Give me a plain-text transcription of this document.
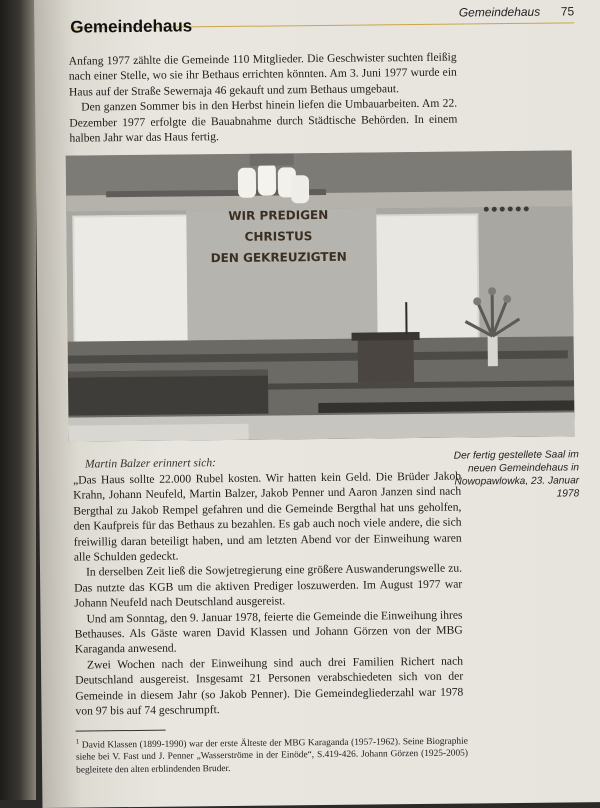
Gemeindehaus 75
Gemeindehaus

Anfang 1977 zählte die Gemeinde 110 Mitglieder. Die Geschwister suchten fleißig nach einer Stelle, wo sie ihr Bethaus errichten könnten. Am 3. Juni 1977 wurde ein Haus auf der Straße Sewernaja 46 gekauft und zum Bethaus umgebaut.

Den ganzen Sommer bis in den Herbst hinein liefen die Umbauarbeiten. Am 22. Dezember 1977 erfolgte die Bauabnahme durch Städtische Behörden. In einem halben Jahr war das Haus fertig.

WIR PREDIGEN
CHRISTUS
DEN GEKREUZIGTEN
Der fertig gestellete Saal im neuen Gemeindehaus in Nowopawlowka, 23. Januar 1978
Martin Balzer erinnert sich:

„Das Haus sollte 22.000 Rubel kosten. Wir hatten kein Geld. Die Brüder Jakob Krahn, Johann Neufeld, Martin Balzer, Jakob Penner und Aaron Janzen sind nach Bergthal zu Jakob Rempel gefahren und die Gemeinde Bergthal hat uns geholfen, den Kaufpreis für das Bethaus zu bezahlen. Es gab auch noch viele andere, die sich freiwillig daran beteiligt haben, und am letzten Abend vor der Einweihung waren alle Schulden gedeckt.

In derselben Zeit ließ die Sowjetregierung eine größere Auswanderungswelle zu. Das nutzte das KGB um die aktiven Prediger loszuwerden. Im August 1977 war Johann Neufeld nach Deutschland ausgereist.

Und am Sonntag, den 9. Januar 1978, feierte die Gemeinde die Einweihung ihres Bethauses. Als Gäste waren David Klassen und Johann Görzen von der MBG Karaganda anwesend.

Zwei Wochen nach der Einweihung sind auch drei Familien Richert nach Deutschland ausgereist. Insgesamt 21 Personen verabschiedeten sich von der Gemeinde in diesem Jahr (so Jakob Penner). Die Gemeindegliederzahl war 1978 von 97 bis auf 74 geschrumpft.

$^1$ David Klassen (1899-1990) war der erste Älteste der MBG Karaganda (1957-1962). Seine Biographie siehe bei V. Fast und J. Penner „Wasserströme in der Einöde“, S.419-426. Johann Görzen (1925-2005) begleitete den alten erblindenden Bruder.
